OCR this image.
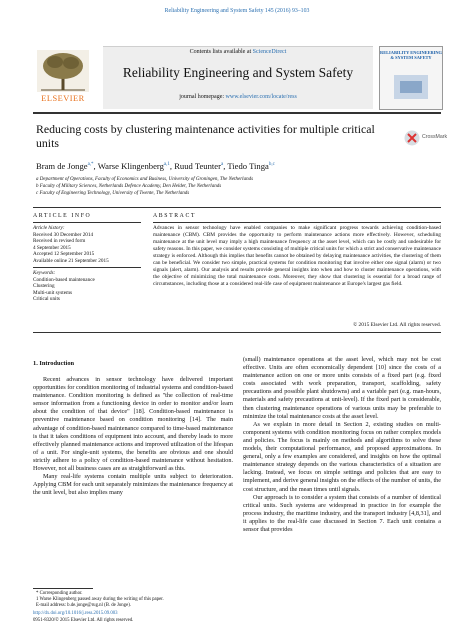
Reliability Engineering and System Safety 145 (2016) 93–103
ELSEVIER
Contents lists available at ScienceDirect
Reliability Engineering and System Safety
journal homepage: www.elsevier.com/locate/ress
RELIABILITY ENGINEERING & SYSTEM SAFETY
Reducing costs by clustering maintenance activities for multiple critical units	CrossMark
Bram de Jonge$^{a,*}$, Warse Klingenberg$^{a,1}$, Ruud Teunter$^a$, Tiedo Tinga$^{b,c}$
a Department of Operations, Faculty of Economics and Business, University of Groningen, The Netherlands
b Faculty of Military Sciences, Netherlands Defence Academy, Den Helder, The Netherlands
c Faculty of Engineering Technology, University of Twente, The Netherlands
ARTICLE INFO
Article history:
Received 30 December 2014
Received in revised form
4 September 2015
Accepted 12 September 2015
Available online 21 September 2015
Keywords:
Condition-based maintenance
Clustering
Multi-unit systems
Critical units
ABSTRACT
Advances in sensor technology have enabled companies to make significant progress towards achieving condition-based maintenance (CBM). CBM provides the opportunity to perform maintenance actions more effectively. However, scheduling maintenance at the unit level may imply a high maintenance frequency at the asset level, which can be costly and undesirable for safety reasons. In this paper, we consider systems consisting of multiple critical units for which a strict and conservative maintenance strategy is enforced. Although this implies that benefits cannot be obtained by delaying maintenance activities, the clustering of them can be beneficial. We consider two simple, practical systems for condition monitoring that involve either one signal (alarm) or two signals (alert, alarm). Our analysis and results provide general insights into when and how to cluster maintenance operations, with the objective of minimizing the total maintenance costs. Moreover, they show that clustering is essential for a broad range of circumstances, including those at a considered real-life case of equipment maintenance at Europe's largest gas field.
© 2015 Elsevier Ltd. All rights reserved.
1. Introduction

Recent advances in sensor technology have delivered important opportunities for condition monitoring of industrial systems and condition-based maintenance. Condition monitoring is defined as "the collection of real-time sensor information from a functioning device in order to monitor and/or learn about the condition of that device" [18]. Condition-based maintenance is preventive maintenance based on condition monitoring [14]. The main advantage of condition-based maintenance compared to time-based maintenance is that it takes conditions of equipment into account, and thereby leads to more effectively planned maintenance actions and improved utilization of the lifespan of a unit. For single-unit systems, the benefits are obvious and one should strictly adhere to a policy of condition-based maintenance without hesitation. However, not all business cases are as straightforward as this.

Many real-life systems contain multiple units subject to deterioration. Applying CBM for each unit separately minimizes the maintenance frequency at the unit level, but also implies many

(small) maintenance operations at the asset level, which may not be cost effective. Units are often economically dependent [10] since the costs of a maintenance action on one or more units consists of a fixed part (e.g. fixed costs associated with work preparation, transport, scaffolding, safety precautions and possible plant shutdowns) and a variable part (e.g. man-hours, materials and safety precautions at unit-level). If the fixed part is considerable, then clustering maintenance operations of various units may be preferable to minimize the total maintenance costs at the asset level.

As we explain in more detail in Section 2, existing studies on multi-component systems with condition monitoring focus on rather complex models and policies. The focus is mainly on methods and algorithms to solve these models, their computational performance, and proposed approximations. In general, only a few examples are considered, and insights on how the optimal maintenance strategy depends on the various characteristics of a situation are lacking. Instead, we focus on simple settings and policies that are easy to implement, and derive general insights on the effects of the number of units, the cost structure, and the mean times until signals.

Our approach is to consider a system that consists of a number of identical critical units. Such systems are widespread in practice in for example the process industry, the maritime industry, and the transport industry [4,8,31], and it applies to the real-life case discussed in Section 7. Each unit contains a sensor that provides

* Corresponding author.
1 Warse Klingenberg passed away during the writing of this paper.
E-mail address: b.de.jonge@rug.nl (B. de Jonge).
http://dx.doi.org/10.1016/j.ress.2015.09.003
0951-8320/© 2015 Elsevier Ltd. All rights reserved.
